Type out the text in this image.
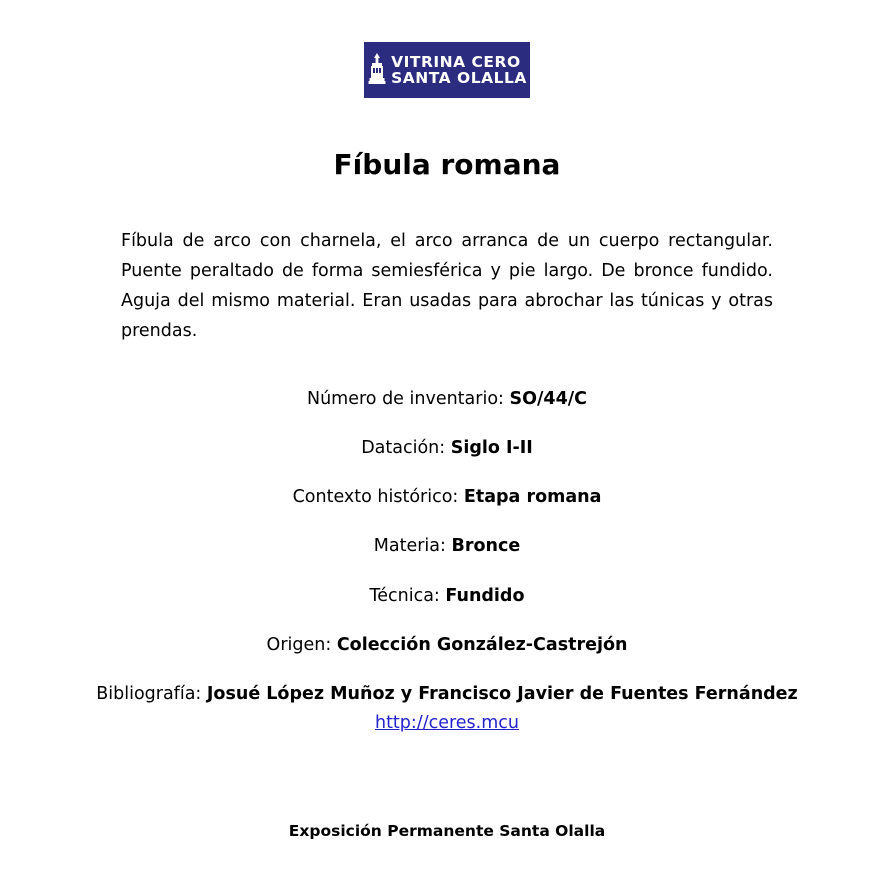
VITRINA CERO
SANTA OLALLA
Fíbula romana

Fíbula de arco con charnela, el arco arranca de un cuerpo rectangular. Puente peraltado de forma semiesférica y pie largo. De bronce fundido. Aguja del mismo material. Eran usadas para abrochar las túnicas y otras prendas.

Número de inventario: SO/44/C
Datación: Siglo I-II
Contexto histórico: Etapa romana
Materia: Bronce
Técnica: Fundido
Origen: Colección González-Castrejón
Bibliografía: Josué López Muñoz y Francisco Javier de Fuentes Fernández
http://ceres.mcu
Exposición Permanente Santa Olalla
